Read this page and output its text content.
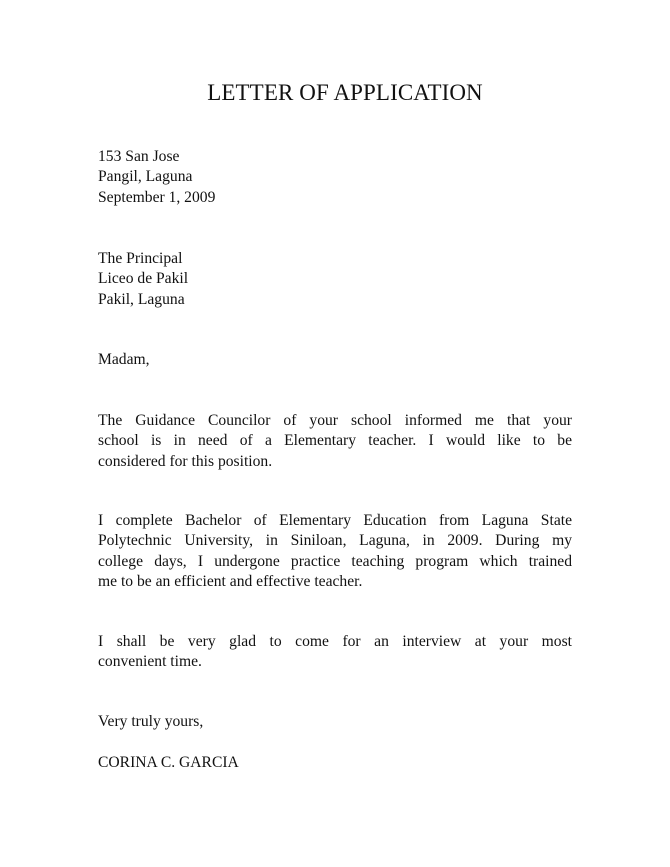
LETTER OF APPLICATION
153 San Jose
Pangil, Laguna
September 1, 2009
The Principal
Liceo de Pakil
Pakil, Laguna
Madam,
The Guidance Councilor of your school informed me that your
school is in need of a Elementary teacher. I would like to be
considered for this position.
I complete Bachelor of Elementary Education from Laguna State
Polytechnic University, in Siniloan, Laguna, in 2009. During my
college days, I undergone practice teaching program which trained
me to be an efficient and effective teacher.
I shall be very glad to come for an interview at your most
convenient time.
Very truly yours,
CORINA C. GARCIA
